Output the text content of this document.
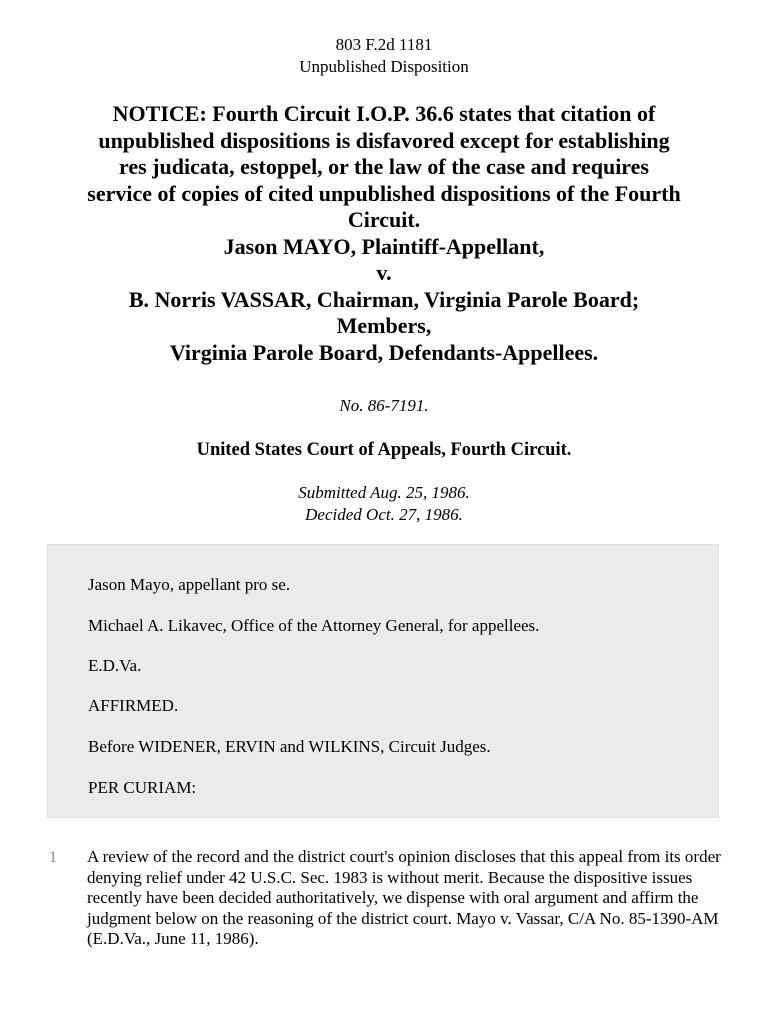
803 F.2d 1181
Unpublished Disposition
NOTICE: Fourth Circuit I.O.P. 36.6 states that citation of
unpublished dispositions is disfavored except for establishing
res judicata, estoppel, or the law of the case and requires
service of copies of cited unpublished dispositions of the Fourth
Circuit.
Jason MAYO, Plaintiff-Appellant,
v.
B. Norris VASSAR, Chairman, Virginia Parole Board;
Members,
Virginia Parole Board, Defendants-Appellees.
No. 86-7191.
United States Court of Appeals, Fourth Circuit.
Submitted Aug. 25, 1986.
Decided Oct. 27, 1986.
Jason Mayo, appellant pro se.
Michael A. Likavec, Office of the Attorney General, for appellees.
E.D.Va.
AFFIRMED.
Before WIDENER, ERVIN and WILKINS, Circuit Judges.
PER CURIAM:
1 A review of the record and the district court's opinion discloses that this appeal from its order denying relief under 42 U.S.C. Sec. 1983 is without merit. Because the dispositive issues recently have been decided authoritatively, we dispense with oral argument and affirm the judgment below on the reasoning of the district court. Mayo v. Vassar, C/A No. 85-1390-AM (E.D.Va., June 11, 1986).
